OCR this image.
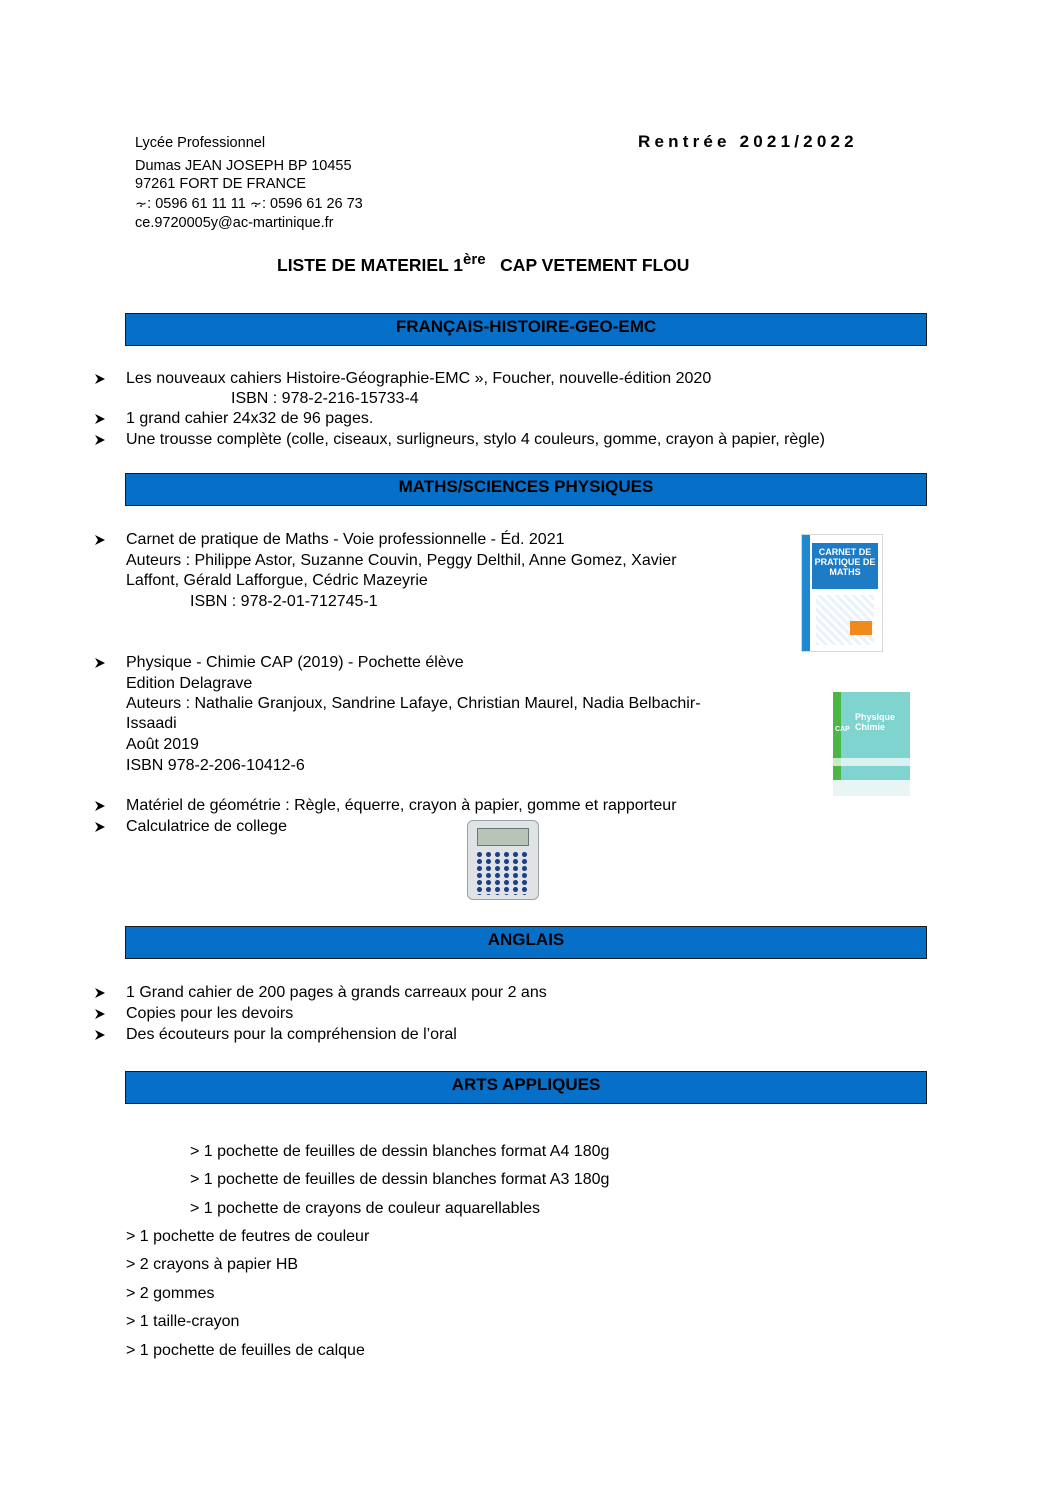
Lycée Professionnel
Dumas JEAN JOSEPH BP 10455
97261 FORT DE FRANCE
⸟: 0596 61 11 11 ⸟: 0596 61 26 73
ce.9720005y@ac-martinique.fr
Rentrée 2021/2022
LISTE DE MATERIEL 1ère CAP VETEMENT FLOU
FRANÇAIS-HISTOIRE-GEO-EMC
Les nouveaux cahiers Histoire-Géographie-EMC », Foucher, nouvelle-édition 2020
ISBN : 978-2-216-15733-4
1 grand cahier 24x32 de 96 pages.
Une trousse complète (colle, ciseaux, surligneurs, stylo 4 couleurs, gomme, crayon à papier, règle)
MATHS/SCIENCES PHYSIQUES
Carnet de pratique de Maths - Voie professionnelle - Éd. 2021
Auteurs : Philippe Astor, Suzanne Couvin, Peggy Delthil, Anne Gomez, Xavier
Laffont, Gérald Lafforgue, Cédric Mazeyrie
ISBN : 978-2-01-712745-1
CARNET DE PRATIQUE DE MATHS
Physique - Chimie CAP (2019) - Pochette élève
Edition Delagrave
Auteurs : Nathalie Granjoux, Sandrine Lafaye, Christian Maurel, Nadia Belbachir-
Issaadi
Août 2019
ISBN 978-2-206-10412-6
CAP
Physique Chimie
Matériel de géométrie : Règle, équerre, crayon à papier, gomme et rapporteur
Calculatrice de college
ANGLAIS
1 Grand cahier de 200 pages à grands carreaux pour 2 ans
Copies pour les devoirs
Des écouteurs pour la compréhension de l’oral
ARTS APPLIQUES
> 1 pochette de feuilles de dessin blanches format A4 180g
> 1 pochette de feuilles de dessin blanches format A3 180g
> 1 pochette de crayons de couleur aquarellables
> 1 pochette de feutres de couleur
> 2 crayons à papier HB
> 2 gommes
> 1 taille-crayon
> 1 pochette de feuilles de calque
